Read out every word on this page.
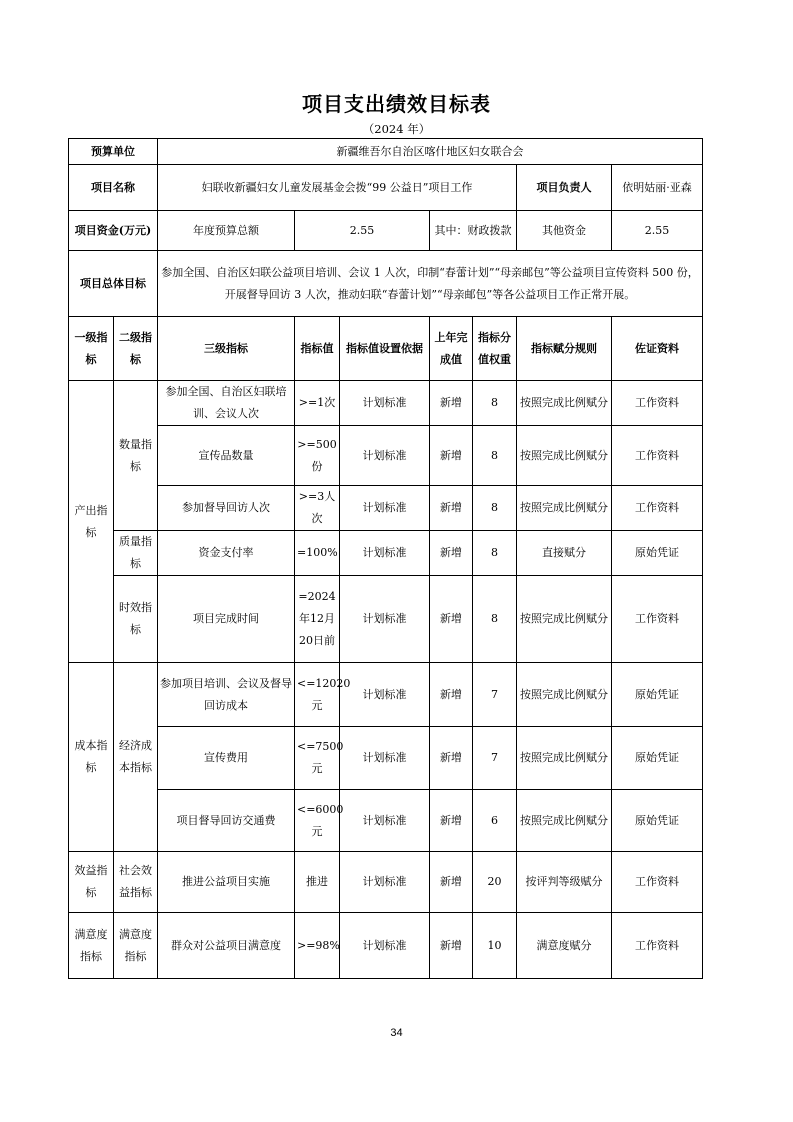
项目支出绩效目标表
（2024 年）
预算单位		新疆维吾尔自治区喀什地区妇女联合会						
项目名称		妇联收新疆妇女儿童发展基金会拨“99 公益日”项目工作					项目负责人	依明姑丽·亚森
项目资金(万元)		年度预算总额	2.55		其中：财政拨款		其他资金	2.55
项目总体目标		参加全国、自治区妇联公益项目培训、会议 1 人次，印制“春蕾计划”“母亲邮包”等公益项目宣传资料 500 份，开展督导回访 3 人次，推动妇联“春蕾计划”“母亲邮包”等各公益项目工作正常开展。						
一级指标	二级指标	三级指标	指标值	指标值设置依据	上年完成值	指标分值权重	指标赋分规则	佐证资料
产出指标		参加全国、自治区妇联培训、会议人次	>=1次	计划标准	新增	8	按照完成比例赋分	工作资料
	数量指标	宣传品数量	>=500份	计划标准	新增	8	按照完成比例赋分	工作资料
		参加督导回访人次	>=3人次	计划标准	新增	8	按照完成比例赋分	工作资料
	质量指标	资金支付率	=100%	计划标准	新增	8	直接赋分	原始凭证
	时效指标	项目完成时间	=2024年12月20日前	计划标准	新增	8	按照完成比例赋分	工作资料
成本指标	经济成本指标	参加项目培训、会议及督导回访成本	<=12020元	计划标准	新增	7	按照完成比例赋分	原始凭证
		宣传费用	<=7500元	计划标准	新增	7	按照完成比例赋分	原始凭证
		项目督导回访交通费	<=6000元	计划标准	新增	6	按照完成比例赋分	原始凭证
效益指标	社会效益指标	推进公益项目实施	推进	计划标准	新增	20	按评判等级赋分	工作资料
满意度指标	满意度指标	群众对公益项目满意度	>=98%	计划标准	新增	10	满意度赋分	工作资料
34
